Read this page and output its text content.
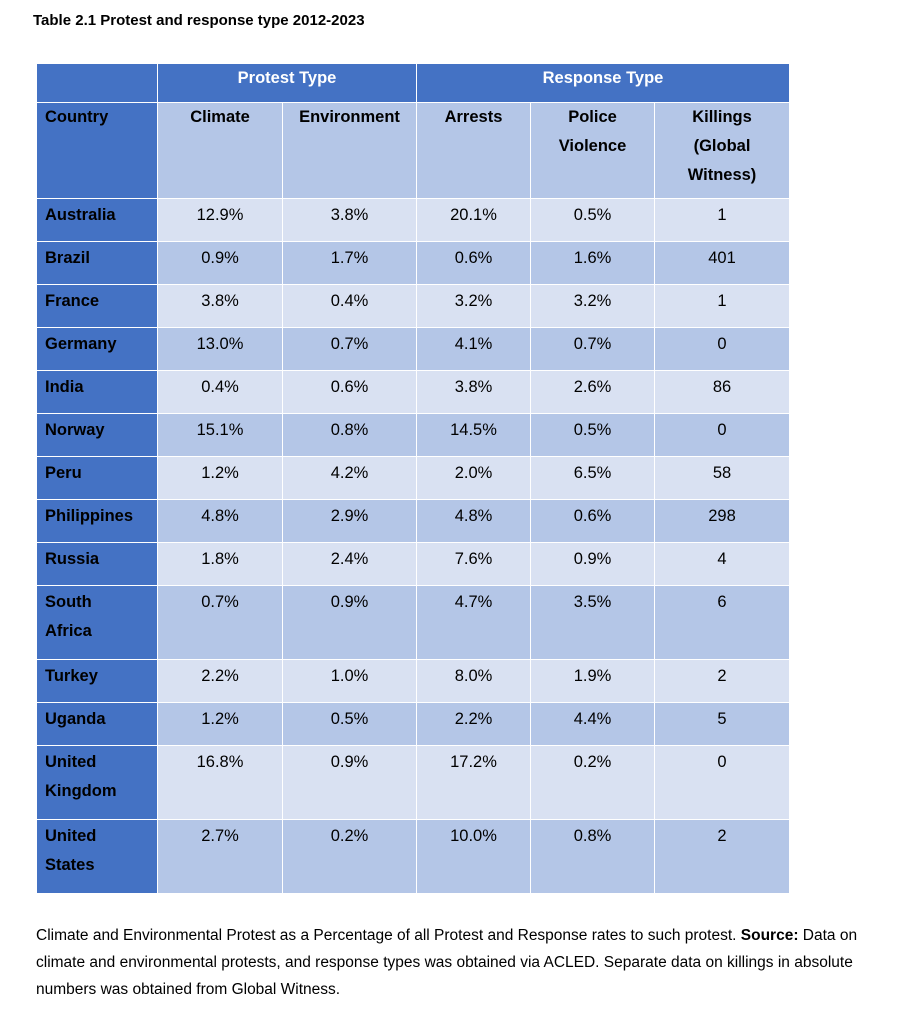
Table 2.1 Protest and response type 2012-2023
	Protest Type		Response Type		
Country	Climate	Environment	Arrests	Police Violence	Killings (Global Witness)

Australia	12.9%	3.8%	20.1%	0.5%	1
Brazil	0.9%	1.7%	0.6%	1.6%	401
France	3.8%	0.4%	3.2%	3.2%	1
Germany	13.0%	0.7%	4.1%	0.7%	0
India	0.4%	0.6%	3.8%	2.6%	86
Norway	15.1%	0.8%	14.5%	0.5%	0
Peru	1.2%	4.2%	2.0%	6.5%	58
Philippines	4.8%	2.9%	4.8%	0.6%	298
Russia	1.8%	2.4%	7.6%	0.9%	4
South Africa	0.7%	0.9%	4.7%	3.5%	6
Turkey	2.2%	1.0%	8.0%	1.9%	2
Uganda	1.2%	0.5%	2.2%	4.4%	5
United Kingdom	16.8%	0.9%	17.2%	0.2%	0
United States	2.7%	0.2%	10.0%	0.8%	2
Climate and Environmental Protest as a Percentage of all Protest and Response rates to such protest. Source: Data on climate and environmental protests, and response types was obtained via ACLED. Separate data on killings in absolute numbers was obtained from Global Witness.
